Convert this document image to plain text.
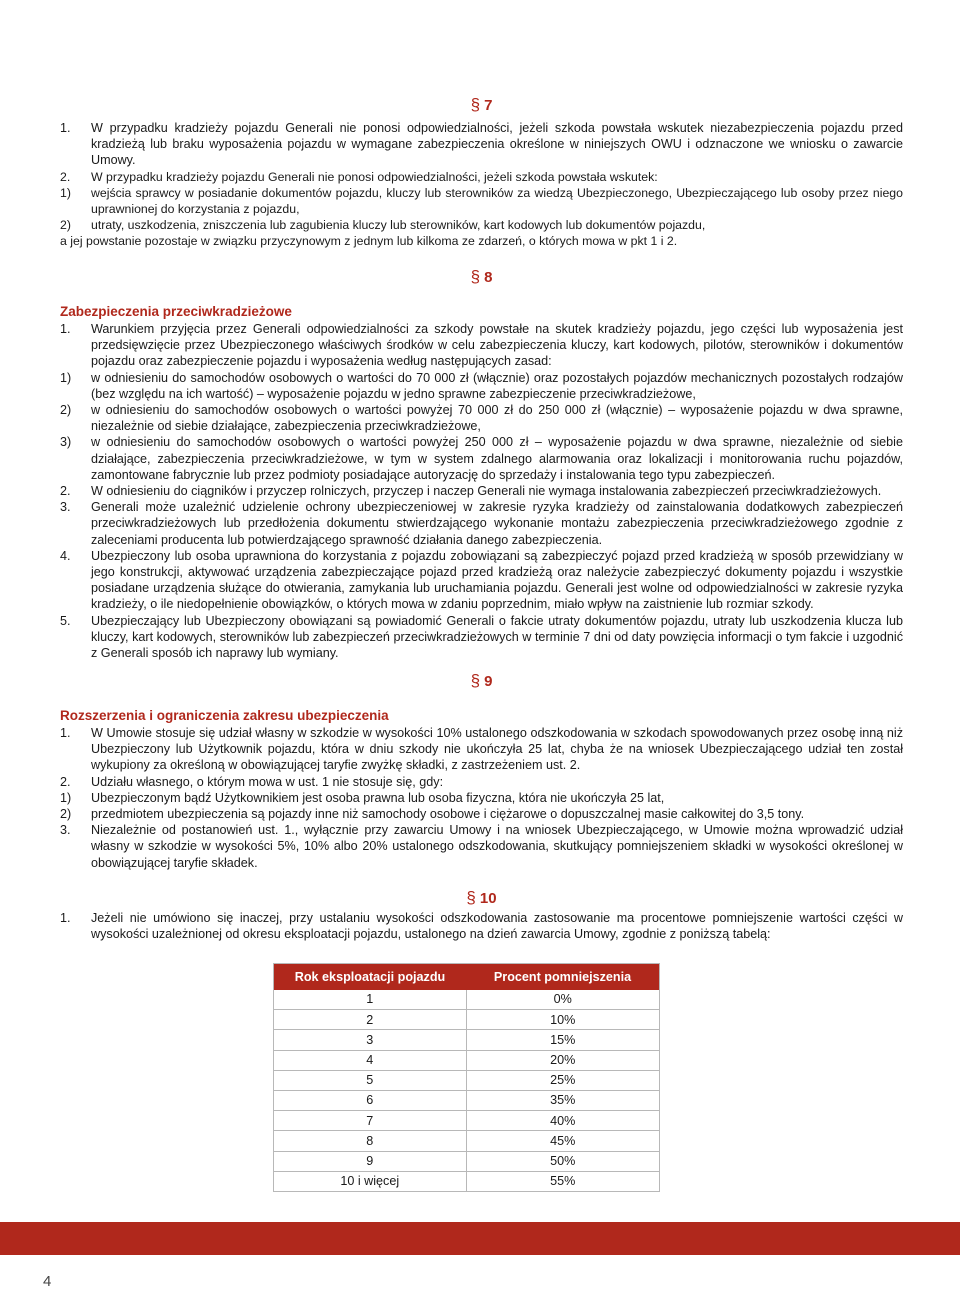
§ 7
1. W przypadku kradzieży pojazdu Generali nie ponosi odpowiedzialności, jeżeli szkoda powstała wskutek niezabezpieczenia pojazdu przed kradzieżą lub braku wyposażenia pojazdu w wymagane zabezpieczenia określone w niniejszych OWU i odznaczone we wniosku o zawarcie Umowy.

2. W przypadku kradzieży pojazdu Generali nie ponosi odpowiedzialności, jeżeli szkoda powstała wskutek:

1) wejścia sprawcy w posiadanie dokumentów pojazdu, kluczy lub sterowników za wiedzą Ubezpieczonego, Ubezpieczającego lub osoby przez niego uprawnionej do korzystania z pojazdu,

2) utraty, uszkodzenia, zniszczenia lub zagubienia kluczy lub sterowników, kart kodowych lub dokumentów pojazdu,

a jej powstanie pozostaje w związku przyczynowym z jednym lub kilkoma ze zdarzeń, o których mowa w pkt 1 i 2.

§ 8
Zabezpieczenia przeciwkradzieżowe
1. Warunkiem przyjęcia przez Generali odpowiedzialności za szkody powstałe na skutek kradzieży pojazdu, jego części lub wyposażenia jest przedsięwzięcie przez Ubezpieczonego właściwych środków w celu zabezpieczenia kluczy, kart kodowych, pilotów, sterowników i dokumentów pojazdu oraz zabezpieczenie pojazdu i wyposażenia według następujących zasad:

1) w odniesieniu do samochodów osobowych o wartości do 70 000 zł (włącznie) oraz pozostałych pojazdów mechanicznych pozostałych rodzajów (bez względu na ich wartość) – wyposażenie pojazdu w jedno sprawne zabezpieczenie przeciwkradzieżowe,

2) w odniesieniu do samochodów osobowych o wartości powyżej 70 000 zł do 250 000 zł (włącznie) – wyposażenie pojazdu w dwa sprawne, niezależnie od siebie działające, zabezpieczenia przeciwkradzieżowe,

3) w odniesieniu do samochodów osobowych o wartości powyżej 250 000 zł – wyposażenie pojazdu w dwa sprawne, niezależnie od siebie działające, zabezpieczenia przeciwkradzieżowe, w tym w system zdalnego alarmowania oraz lokalizacji i monitorowania ruchu pojazdów, zamontowane fabrycznie lub przez podmioty posiadające autoryzację do sprzedaży i instalowania tego typu zabezpieczeń.

2. W odniesieniu do ciągników i przyczep rolniczych, przyczep i naczep Generali nie wymaga instalowania zabezpieczeń przeciwkradzieżowych.

3. Generali może uzależnić udzielenie ochrony ubezpieczeniowej w zakresie ryzyka kradzieży od zainstalowania dodatkowych zabezpieczeń przeciwkradzieżowych lub przedłożenia dokumentu stwierdzającego wykonanie montażu zabezpieczenia przeciwkradzieżowego zgodnie z zaleceniami producenta lub potwierdzającego sprawność działania danego zabezpieczenia.

4. Ubezpieczony lub osoba uprawniona do korzystania z pojazdu zobowiązani są zabezpieczyć pojazd przed kradzieżą w sposób przewidziany w jego konstrukcji, aktywować urządzenia zabezpieczające pojazd przed kradzieżą oraz należycie zabezpieczyć dokumenty pojazdu i wszystkie posiadane urządzenia służące do otwierania, zamykania lub uruchamiania pojazdu. Generali jest wolne od odpowiedzialności w zakresie ryzyka kradzieży, o ile niedopełnienie obowiązków, o których mowa w zdaniu poprzednim, miało wpływ na zaistnienie lub rozmiar szkody.

5. Ubezpieczający lub Ubezpieczony obowiązani są powiadomić Generali o fakcie utraty dokumentów pojazdu, utraty lub uszkodzenia klucza lub kluczy, kart kodowych, sterowników lub zabezpieczeń przeciwkradzieżowych w terminie 7 dni od daty powzięcia informacji o tym fakcie i uzgodnić z Generali sposób ich naprawy lub wymiany.

§ 9
Rozszerzenia i ograniczenia zakresu ubezpieczenia
1. W Umowie stosuje się udział własny w szkodzie w wysokości 10% ustalonego odszkodowania w szkodach spowodowanych przez osobę inną niż Ubezpieczony lub Użytkownik pojazdu, która w dniu szkody nie ukończyła 25 lat, chyba że na wniosek Ubezpieczającego udział ten został wykupiony za określoną w obowiązującej taryfie zwyżkę składki, z zastrzeżeniem ust. 2.

2. Udziału własnego, o którym mowa w ust. 1 nie stosuje się, gdy:

1) Ubezpieczonym bądź Użytkownikiem jest osoba prawna lub osoba fizyczna, która nie ukończyła 25 lat,

2) przedmiotem ubezpieczenia są pojazdy inne niż samochody osobowe i ciężarowe o dopuszczalnej masie całkowitej do 3,5 tony.

3. Niezależnie od postanowień ust. 1., wyłącznie przy zawarciu Umowy i na wniosek Ubezpieczającego, w Umowie można wprowadzić udział własny w szkodzie w wysokości 5%, 10% albo 20% ustalonego odszkodowania, skutkujący pomniejszeniem składki w wysokości określonej w obowiązującej taryfie składek.

§ 10
1. Jeżeli nie umówiono się inaczej, przy ustalaniu wysokości odszkodowania zastosowanie ma procentowe pomniejszenie wartości części w wysokości uzależnionej od okresu eksploatacji pojazdu, ustalonego na dzień zawarcia Umowy, zgodnie z poniższą tabelą:

Rok eksploatacji pojazdu	Procent pomniejszenia
1	0%
2	10%
3	15%
4	20%
5	25%
6	35%
7	40%
8	45%
9	50%
10 i więcej	55%
4
